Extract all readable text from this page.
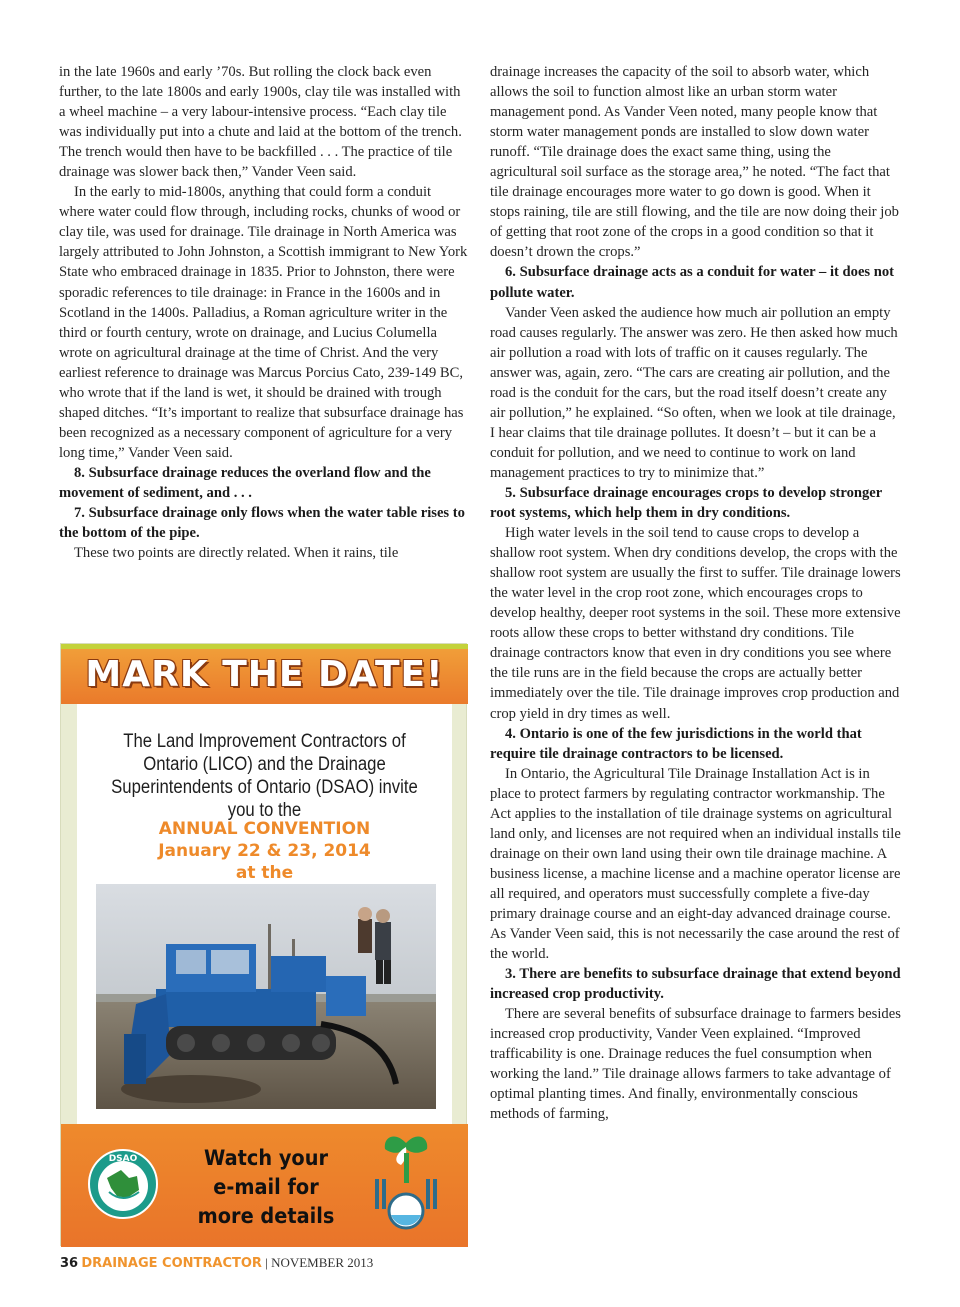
in the late 1960s and early ’70s. But rolling the clock back even further, to the late 1800s and early 1900s, clay tile was installed with a wheel machine – a very labour-intensive process. “Each clay tile was individually put into a chute and laid at the bottom of the trench. The trench would then have to be backfilled . . . The practice of tile drainage was slower back then,” Vander Veen said.

In the early to mid-1800s, anything that could form a conduit where water could flow through, including rocks, chunks of wood or clay tile, was used for drainage. Tile drainage in North America was largely attributed to John Johnston, a Scottish immigrant to New York State who embraced drainage in 1835. Prior to Johnston, there were sporadic references to tile drainage: in France in the 1600s and in Scotland in the 1400s. Palladius, a Roman agriculture writer in the third or fourth century, wrote on drainage, and Lucius Columella wrote on agricultural drainage at the time of Christ. And the very earliest reference to drainage was Marcus Porcius Cato, 239-149 BC, who wrote that if the land is wet, it should be drained with trough shaped ditches. “It’s important to realize that subsurface drainage has been recognized as a necessary component of agriculture for a very long time,” Vander Veen said.

8. Subsurface drainage reduces the overland flow and the movement of sediment, and . . .

7. Subsurface drainage only flows when the water table rises to the bottom of the pipe.

These two points are directly related. When it rains, tile

drainage increases the capacity of the soil to absorb water, which allows the soil to function almost like an urban storm water management pond. As Vander Veen noted, many people know that storm water management ponds are installed to slow down water runoff. “Tile drainage does the exact same thing, using the agricultural soil surface as the storage area,” he noted. “The fact that tile drainage encourages more water to go down is good. When it stops raining, tile are still flowing, and the tile are now doing their job of getting that root zone of the crops in a good condition so that it doesn’t drown the crops.”

6. Subsurface drainage acts as a conduit for water – it does not pollute water.

Vander Veen asked the audience how much air pollution an empty road causes regularly. The answer was zero. He then asked how much air pollution a road with lots of traffic on it causes regularly. The answer was, again, zero. “The cars are creating air pollution, and the road is the conduit for the cars, but the road itself doesn’t create any air pollution,” he explained. “So often, when we look at tile drainage, I hear claims that tile drainage pollutes. It doesn’t – but it can be a conduit for pollution, and we need to continue to work on land management practices to try to minimize that.”

5. Subsurface drainage encourages crops to develop stronger root systems, which help them in dry conditions.

High water levels in the soil tend to cause crops to develop a shallow root system. When dry conditions develop, the crops with the shallow root system are usually the first to suffer. Tile drainage lowers the water level in the crop root zone, which encourages crops to develop healthy, deeper root systems in the soil. These more extensive roots allow these crops to better withstand dry conditions. Tile drainage contractors know that even in dry conditions you see where the tile runs are in the field because the crops are actually better immediately over the tile. Tile drainage improves crop production and crop yield in dry times as well.

4. Ontario is one of the few jurisdictions in the world that require tile drainage contractors to be licensed.

In Ontario, the Agricultural Tile Drainage Installation Act is in place to protect farmers by regulating contractor workmanship. The Act applies to the installation of tile drainage systems on agricultural land only, and licenses are not required when an individual installs tile drainage on their own land using their own tile drainage machine. A business license, a machine license and a machine operator license are all required, and operators must successfully complete a five-day primary drainage course and an eight-day advanced drainage course. As Vander Veen said, this is not necessarily the case around the rest of the world.

3. There are benefits to subsurface drainage that extend beyond increased crop productivity.

There are several benefits of subsurface drainage to farmers besides increased crop productivity, Vander Veen explained. “Improved trafficability is one. Drainage reduces the fuel consumption when working the land.” Tile drainage allows farmers to take advantage of optimal planting times. And finally, environmentally conscious methods of farming,

MARK THE DATE!
The Land Improvement Contractors of Ontario (LICO) and the Drainage Superintendents of Ontario (DSAO) invite you to the
ANNUAL CONVENTION
January 22 & 23, 2014
at the
DSAO	Watch your
e-mail for
more details
36 DRAINAGE CONTRACTOR | NOVEMBER 2013
